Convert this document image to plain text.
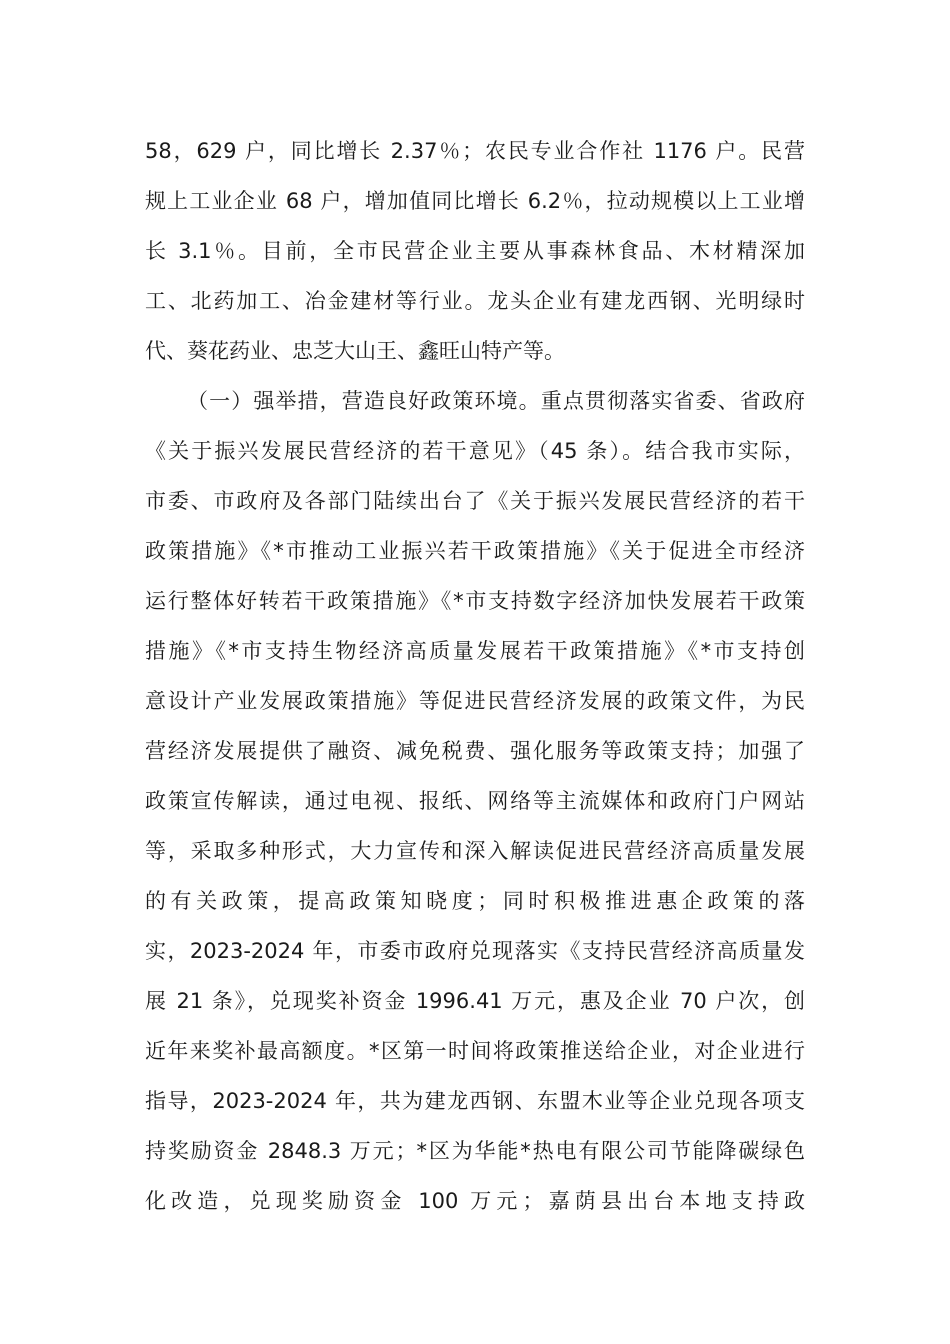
58，629 户，同比增长 2.37％；农民专业合作社 1176 户。民营
规上工业企业 68 户，增加值同比增长 6.2％，拉动规模以上工业增
长 3.1％。目前，全市民营企业主要从事森林食品、木材精深加
工、北药加工、冶金建材等行业。龙头企业有建龙西钢、光明绿时
代、葵花药业、忠芝大山王、鑫旺山特产等。
（一）强举措，营造良好政策环境。重点贯彻落实省委、省政府
《关于振兴发展民营经济的若干意见》（45 条）。结合我市实际，
市委、市政府及各部门陆续出台了《关于振兴发展民营经济的若干
政策措施》《*市推动工业振兴若干政策措施》《关于促进全市经济
运行整体好转若干政策措施》《*市支持数字经济加快发展若干政策
措施》《*市支持生物经济高质量发展若干政策措施》《*市支持创
意设计产业发展政策措施》等促进民营经济发展的政策文件，为民
营经济发展提供了融资、减免税费、强化服务等政策支持；加强了
政策宣传解读，通过电视、报纸、网络等主流媒体和政府门户网站
等，采取多种形式，大力宣传和深入解读促进民营经济高质量发展
的有关政策，提高政策知晓度；同时积极推进惠企政策的落
实，2023-2024 年，市委市政府兑现落实《支持民营经济高质量发
展 21 条》，兑现奖补资金 1996.41 万元，惠及企业 70 户次，创
近年来奖补最高额度。*区第一时间将政策推送给企业，对企业进行
指导，2023-2024 年，共为建龙西钢、东盟木业等企业兑现各项支
持奖励资金 2848.3 万元；*区为华能*热电有限公司节能降碳绿色
化改造，兑现奖励资金 100 万元；嘉荫县出台本地支持政
